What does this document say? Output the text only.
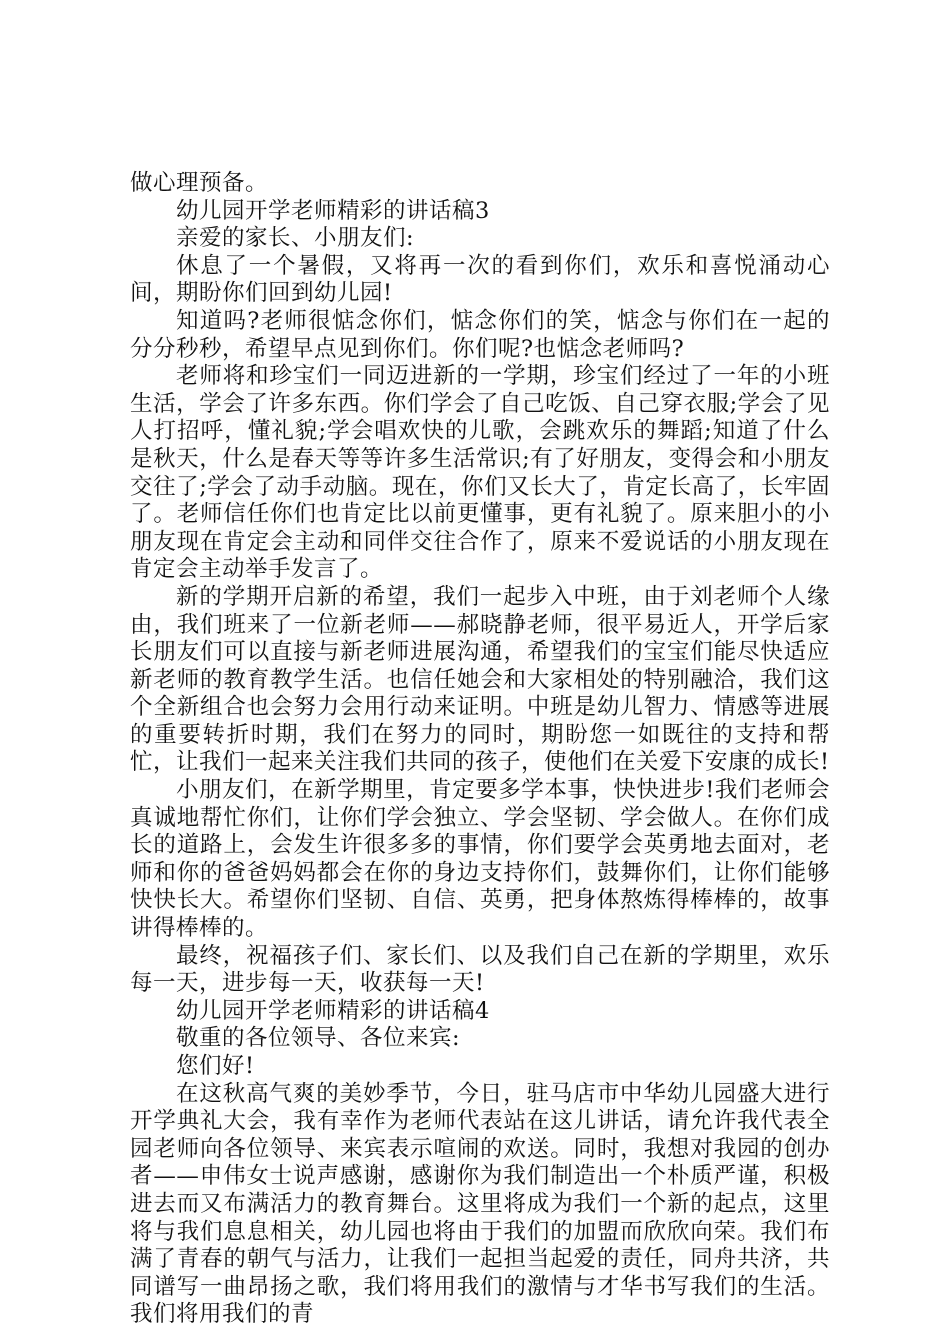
做心理预备。

幼儿园开学老师精彩的讲话稿3

亲爱的家长、小朋友们:

休息了一个暑假，又将再一次的看到你们，欢乐和喜悦涌动心间，期盼你们回到幼儿园!

知道吗?老师很惦念你们，惦念你们的笑，惦念与你们在一起的分分秒秒，希望早点见到你们。你们呢?也惦念老师吗?

老师将和珍宝们一同迈进新的一学期，珍宝们经过了一年的小班生活，学会了许多东西。你们学会了自己吃饭、自己穿衣服;学会了见人打招呼，懂礼貌;学会唱欢快的儿歌，会跳欢乐的舞蹈;知道了什么是秋天，什么是春天等等许多生活常识;有了好朋友，变得会和小朋友交往了;学会了动手动脑。现在，你们又长大了，肯定长高了，长牢固了。老师信任你们也肯定比以前更懂事，更有礼貌了。原来胆小的小朋友现在肯定会主动和同伴交往合作了，原来不爱说话的小朋友现在肯定会主动举手发言了。

新的学期开启新的希望，我们一起步入中班，由于刘老师个人缘由，我们班来了一位新老师——郝晓静老师，很平易近人，开学后家长朋友们可以直接与新老师进展沟通，希望我们的宝宝们能尽快适应新老师的教育教学生活。也信任她会和大家相处的特别融洽，我们这个全新组合也会努力会用行动来证明。中班是幼儿智力、情感等进展的重要转折时期，我们在努力的同时，期盼您一如既往的支持和帮忙，让我们一起来关注我们共同的孩子，使他们在关爱下安康的成长!

小朋友们，在新学期里，肯定要多学本事，快快进步!我们老师会真诚地帮忙你们，让你们学会独立、学会坚韧、学会做人。在你们成长的道路上，会发生许很多多的事情，你们要学会英勇地去面对，老师和你的爸爸妈妈都会在你的身边支持你们，鼓舞你们，让你们能够快快长大。希望你们坚韧、自信、英勇，把身体熬炼得棒棒的，故事讲得棒棒的。

最终，祝福孩子们、家长们、以及我们自己在新的学期里，欢乐每一天，进步每一天，收获每一天!

幼儿园开学老师精彩的讲话稿4

敬重的各位领导、各位来宾:

您们好!

在这秋高气爽的美妙季节，今日，驻马店市中华幼儿园盛大进行开学典礼大会，我有幸作为老师代表站在这儿讲话，请允许我代表全园老师向各位领导、来宾表示喧闹的欢送。同时，我想对我园的创办者——申伟女士说声感谢，感谢你为我们制造出一个朴质严谨，积极进去而又布满活力的教育舞台。这里将成为我们一个新的起点，这里将与我们息息相关，幼儿园也将由于我们的加盟而欣欣向荣。我们布满了青春的朝气与活力，让我们一起担当起爱的责任，同舟共济，共同谱写一曲昂扬之歌，我们将用我们的激情与才华书写我们的生活。我们将用我们的青
